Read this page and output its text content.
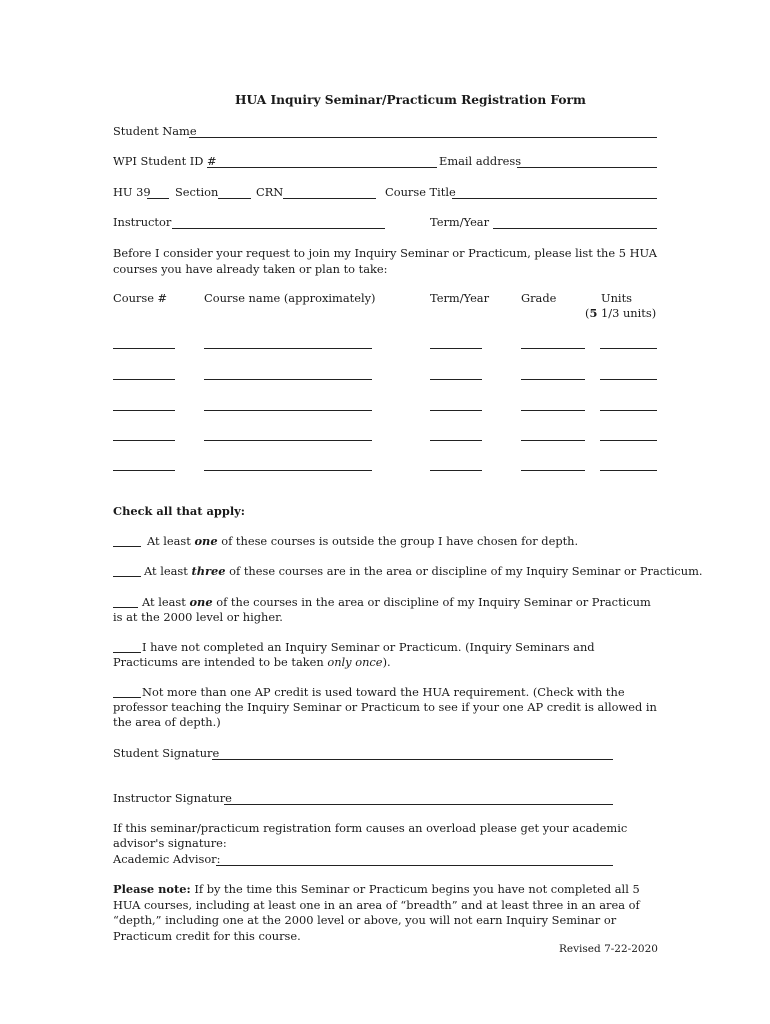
HUA Inquiry Seminar/Practicum Registration Form
Student Name
WPI Student ID #	Email address
HU 39 Section	CRN	Course Title
Instructor	Term/Year
Before I consider your request to join my Inquiry Seminar or Practicum, please list the 5 HUA courses you have already taken or plan to take:
Course #	Course name (approximately)	Term/Year	Grade	Units
(5 1/3 units)
Check all that apply:
At least one of these courses is outside the group I have chosen for depth.
At least three of these courses are in the area or discipline of my Inquiry Seminar or Practicum.
At least one of the courses in the area or discipline of my Inquiry Seminar or Practicum is at the 2000 level or higher.
I have not completed an Inquiry Seminar or Practicum. (Inquiry Seminars and Practicums are intended to be taken only once).
Not more than one AP credit is used toward the HUA requirement. (Check with the professor teaching the Inquiry Seminar or Practicum to see if your one AP credit is allowed in the area of depth.)
Student Signature
Instructor Signature
If this seminar/practicum registration form causes an overload please get your academic advisor's signature:
Academic Advisor:
Please note: If by the time this Seminar or Practicum begins you have not completed all 5 HUA courses, including at least one in an area of “breadth” and at least three in an area of “depth,” including one at the 2000 level or above, you will not earn Inquiry Seminar or Practicum credit for this course.
Revised 7-22-2020
